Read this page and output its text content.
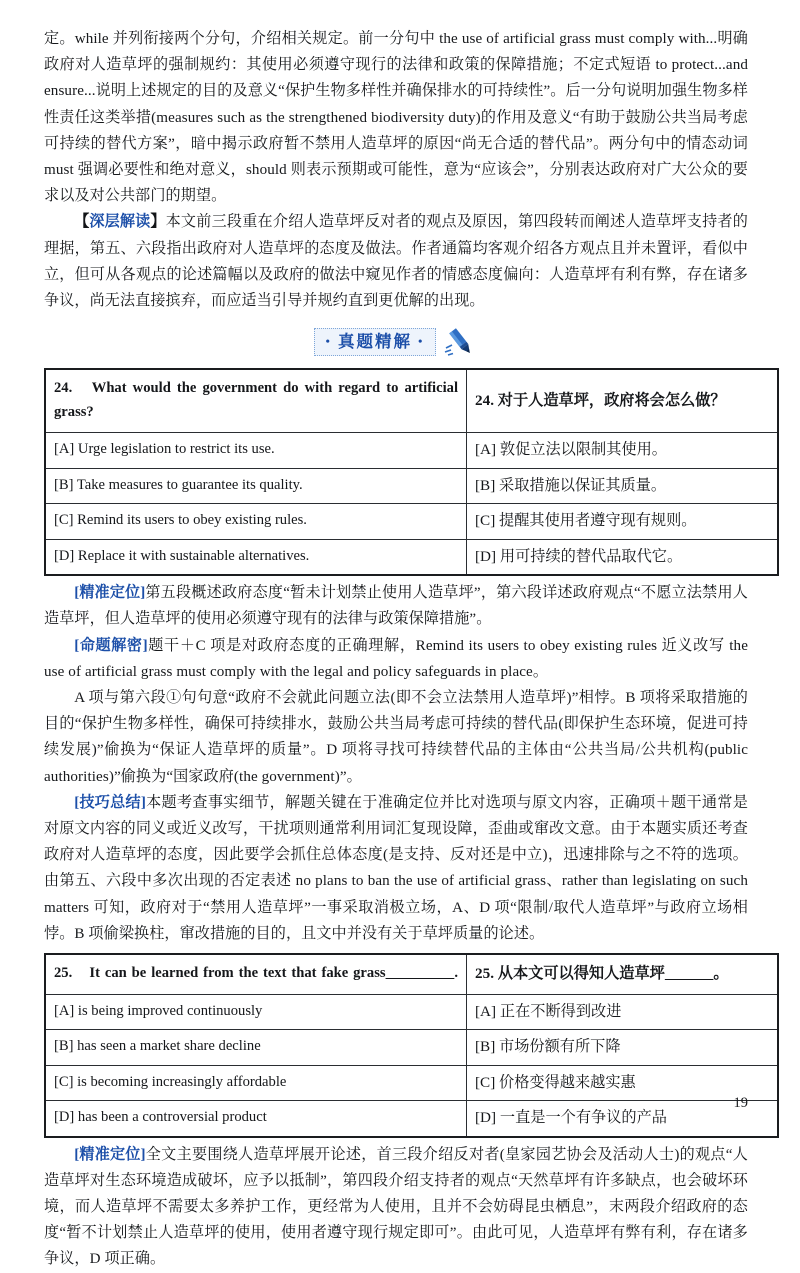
定。while 并列衔接两个分句，介绍相关规定。前一分句中 the use of artificial grass must comply with...明确政府对人造草坪的强制规约：其使用必须遵守现行的法律和政策的保障措施；不定式短语 to protect...and ensure...说明上述规定的目的及意义“保护生物多样性并确保排水的可持续性”。后一分句说明加强生物多样性责任这类举措(measures such as the strengthened biodiversity duty)的作用及意义“有助于鼓励公共当局考虑可持续的替代方案”，暗中揭示政府暂不禁用人造草坪的原因“尚无合适的替代品”。两分句中的情态动词 must 强调必要性和绝对意义，should 则表示预期或可能性，意为“应该会”，分别表达政府对广大公众的要求以及对公共部门的期望。

【深层解读】本文前三段重在介绍人造草坪反对者的观点及原因，第四段转而阐述人造草坪支持者的理据，第五、六段指出政府对人造草坪的态度及做法。作者通篇均客观介绍各方观点且并未置评，看似中立，但可从各观点的论述篇幅以及政府的做法中窥见作者的情感态度偏向：人造草坪有利有弊，存在诸多争议，尚无法直接摈弃，而应适当引导并规约直到更优解的出现。

• 真题精解 •
24.　What would the government do with regard to artificial grass?	24. 对于人造草坪，政府将会怎么做？
[A] Urge legislation to restrict its use.	[A] 敦促立法以限制其使用。
[B] Take measures to guarantee its quality.	[B] 采取措施以保证其质量。
[C] Remind its users to obey existing rules.	[C] 提醒其使用者遵守现有规则。
[D] Replace it with sustainable alternatives.	[D] 用可持续的替代品取代它。

[精准定位]第五段概述政府态度“暂未计划禁止使用人造草坪”，第六段详述政府观点“不愿立法禁用人造草坪，但人造草坪的使用必须遵守现有的法律与政策保障措施”。

[命题解密]题干＋C 项是对政府态度的正确理解，Remind its users to obey existing rules 近义改写 the use of artificial grass must comply with the legal and policy safeguards in place。

A 项与第六段①句句意“政府不会就此问题立法(即不会立法禁用人造草坪)”相悖。B 项将采取措施的目的“保护生物多样性，确保可持续排水，鼓励公共当局考虑可持续的替代品(即保护生态环境，促进可持续发展)”偷换为“保证人造草坪的质量”。D 项将寻找可持续替代品的主体由“公共当局/公共机构(public authorities)”偷换为“国家政府(the government)”。

[技巧总结]本题考查事实细节，解题关键在于准确定位并比对选项与原文内容，正确项＋题干通常是对原文内容的同义或近义改写，干扰项则通常利用词汇复现设障，歪曲或窜改文意。由于本题实质还考查政府对人造草坪的态度，因此要学会抓住总体态度(是支持、反对还是中立)，迅速排除与之不符的选项。由第五、六段中多次出现的否定表述 no plans to ban the use of artificial grass、rather than legislating on such matters 可知，政府对于“禁用人造草坪”一事采取消极立场，A、D 项“限制/取代人造草坪”与政府立场相悖。B 项偷梁换柱，窜改措施的目的，且文中并没有关于草坪质量的论述。

25.　It can be learned from the text that fake grass　　　　 .	25. 从本文可以得知人造草坪　　　 。
[A] is being improved continuously	[A] 正在不断得到改进
[B] has seen a market share decline	[B] 市场份额有所下降
[C] is becoming increasingly affordable	[C] 价格变得越来越实惠
[D] has been a controversial product	[D] 一直是一个有争议的产品

[精准定位]全文主要围绕人造草坪展开论述，首三段介绍反对者(皇家园艺协会及活动人士)的观点“人造草坪对生态环境造成破坏，应予以抵制”，第四段介绍支持者的观点“天然草坪有许多缺点，也会破坏环境，而人造草坪不需要太多养护工作，更经常为人使用，且并不会妨碍昆虫栖息”，末两段介绍政府的态度“暂不计划禁止人造草坪的使用，使用者遵守现行规定即可”。由此可见，人造草坪有弊有利，存在诸多争议，D 项正确。

19
